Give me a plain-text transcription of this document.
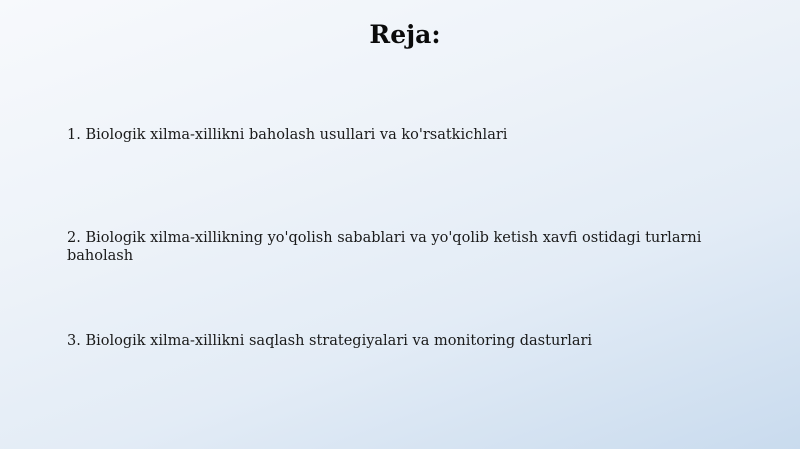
Reja:

1. Biologik xilma-xillikni baholash usullari va ko'rsatkichlari

2. Biologik xilma-xillikning yo'qolish sabablari va yo'qolib ketish xavfi ostidagi turlarni baholash

3. Biologik xilma-xillikni saqlash strategiyalari va monitoring dasturlari
